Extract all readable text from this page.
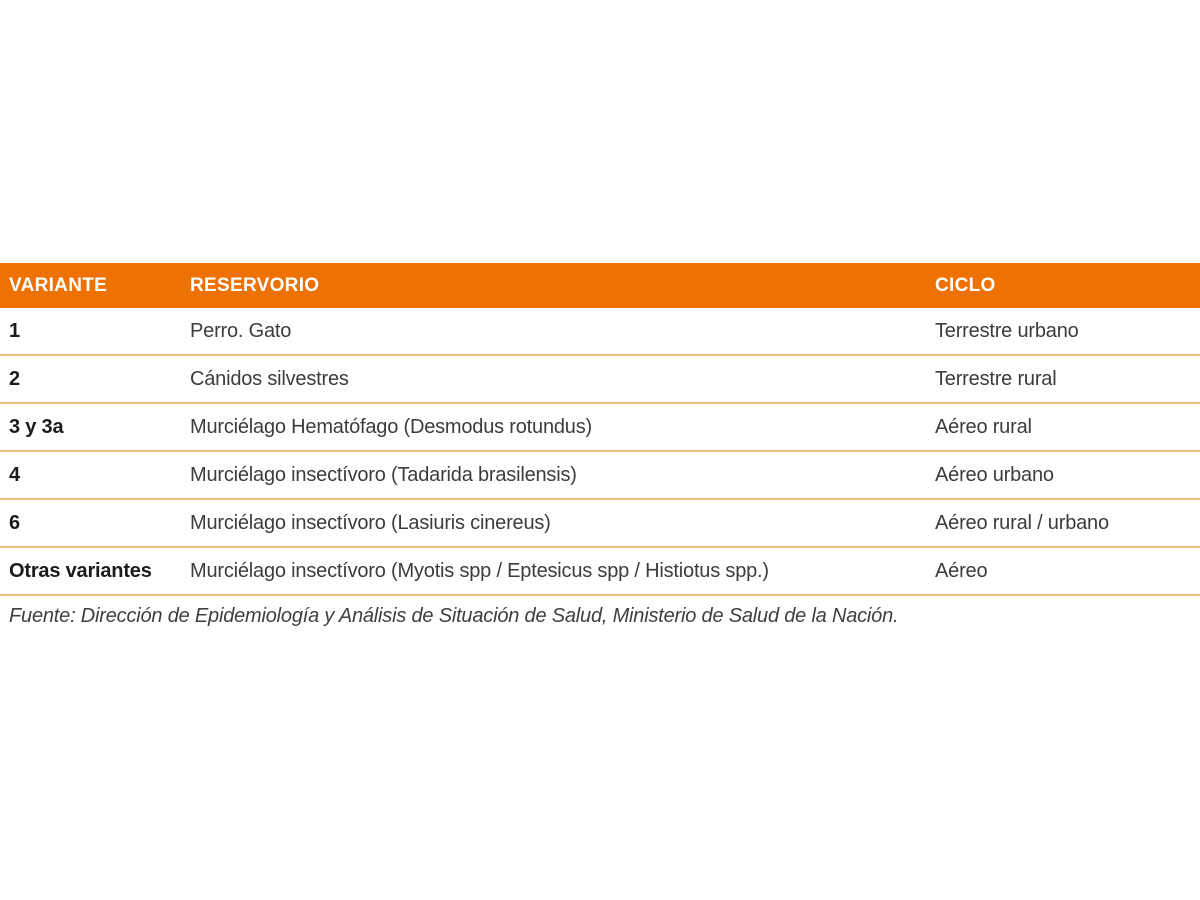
VARIANTE	RESERVORIO	CICLO
1	Perro. Gato	Terrestre urbano
2	Cánidos silvestres	Terrestre rural
3 y 3a	Murciélago Hematófago (Desmodus rotundus)	Aéreo rural
4	Murciélago insectívoro (Tadarida brasilensis)	Aéreo urbano
6	Murciélago insectívoro (Lasiuris cinereus)	Aéreo rural / urbano
Otras variantes	Murciélago insectívoro (Myotis spp / Eptesicus spp / Histiotus spp.)	Aéreo
Fuente: Dirección de Epidemiología y Análisis de Situación de Salud, Ministerio de Salud de la Nación.
